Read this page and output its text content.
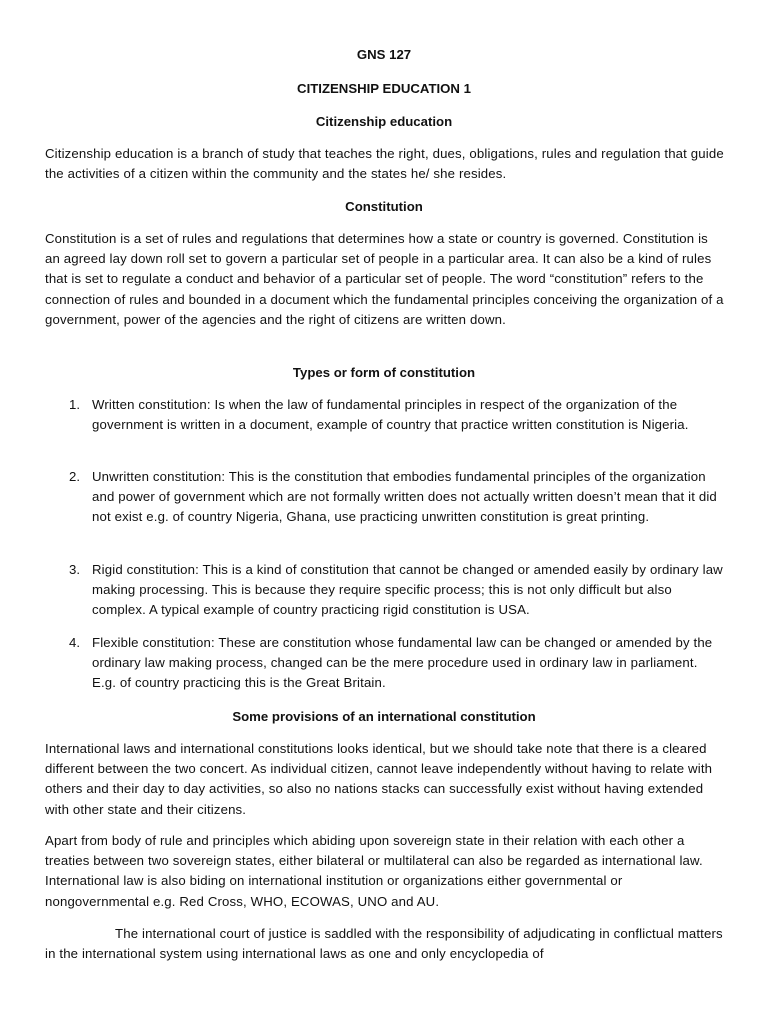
GNS 127
CITIZENSHIP EDUCATION 1
Citizenship education

Citizenship education is a branch of study that teaches the right, dues, obligations, rules and regulation that guide the activities of a citizen within the community and the states he/ she resides.

Constitution

Constitution is a set of rules and regulations that determines how a state or country is governed. Constitution is an agreed lay down roll set to govern a particular set of people in a particular area. It can also be a kind of rules that is set to regulate a conduct and behavior of a particular set of people. The word “constitution” refers to the connection of rules and bounded in a document which the fundamental principles conceiving the organization of a government, power of the agencies and the right of citizens are written down.

Types or form of constitution
1. Written constitution: Is when the law of fundamental principles in respect of the organization of the government is written in a document, example of country that practice written constitution is Nigeria.
2. Unwritten constitution: This is the constitution that embodies fundamental principles of the organization and power of government which are not formally written does not actually written doesn’t mean that it did not exist e.g. of country Nigeria, Ghana, use practicing unwritten constitution is great printing.
3. Rigid constitution: This is a kind of constitution that cannot be changed or amended easily by ordinary law making processing. This is because they require specific process; this is not only difficult but also complex. A typical example of country practicing rigid constitution is USA.
4. Flexible constitution: These are constitution whose fundamental law can be changed or amended by the ordinary law making process, changed can be the mere procedure used in ordinary law in parliament. E.g. of country practicing this is the Great Britain.
Some provisions of an international constitution

International laws and international constitutions looks identical, but we should take note that there is a cleared different between the two concert. As individual citizen, cannot leave independently without having to relate with others and their day to day activities, so also no nations stacks can successfully exist without having extended with other state and their citizens.

Apart from body of rule and principles which abiding upon sovereign state in their relation with each other a treaties between two sovereign states, either bilateral or multilateral can also be regarded as international law. International law is also biding on international institution or organizations either governmental or nongovernmental e.g. Red Cross, WHO, ECOWAS, UNO and AU.

The international court of justice is saddled with the responsibility of adjudicating in conflictual matters in the international system using international laws as one and only encyclopedia of
